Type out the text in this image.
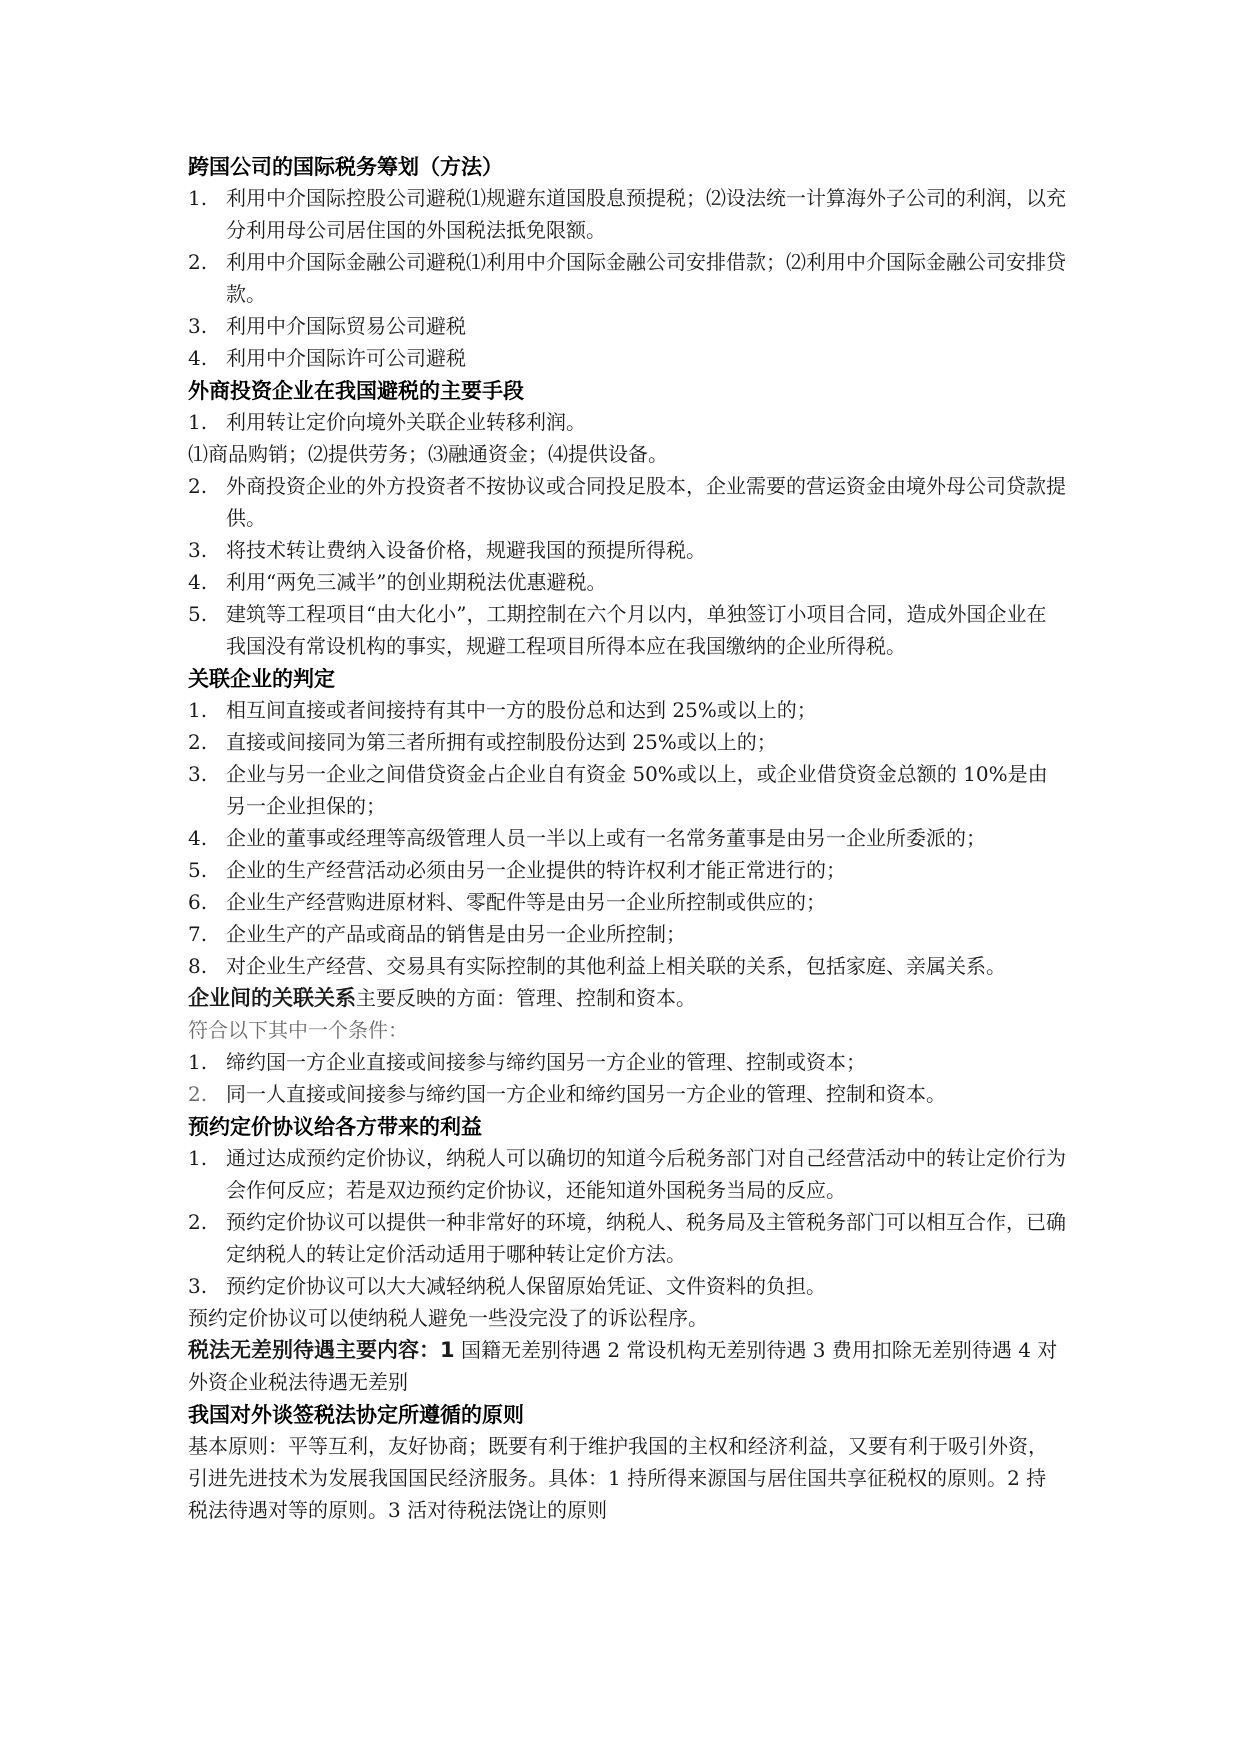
跨国公司的国际税务筹划（方法）
1. 利用中介国际控股公司避税⑴规避东道国股息预提税；⑵设法统一计算海外子公司的利润，以充分利用母公司居住国的外国税法抵免限额。
2. 利用中介国际金融公司避税⑴利用中介国际金融公司安排借款；⑵利用中介国际金融公司安排贷款。
3. 利用中介国际贸易公司避税
4. 利用中介国际许可公司避税
外商投资企业在我国避税的主要手段
1. 利用转让定价向境外关联企业转移利润。
⑴商品购销；⑵提供劳务；⑶融通资金；⑷提供设备。
2. 外商投资企业的外方投资者不按协议或合同投足股本，企业需要的营运资金由境外母公司贷款提供。
3. 将技术转让费纳入设备价格，规避我国的预提所得税。
4. 利用“两免三减半”的创业期税法优惠避税。
5. 建筑等工程项目“由大化小”，工期控制在六个月以内，单独签订小项目合同，造成外国企业在我国没有常设机构的事实，规避工程项目所得本应在我国缴纳的企业所得税。
关联企业的判定
1. 相互间直接或者间接持有其中一方的股份总和达到 25%或以上的；
2. 直接或间接同为第三者所拥有或控制股份达到 25%或以上的；
3. 企业与另一企业之间借贷资金占企业自有资金 50%或以上，或企业借贷资金总额的 10%是由另一企业担保的；
4. 企业的董事或经理等高级管理人员一半以上或有一名常务董事是由另一企业所委派的；
5. 企业的生产经营活动必须由另一企业提供的特许权利才能正常进行的；
6. 企业生产经营购进原材料、零配件等是由另一企业所控制或供应的；
7. 企业生产的产品或商品的销售是由另一企业所控制；
8. 对企业生产经营、交易具有实际控制的其他利益上相关联的关系，包括家庭、亲属关系。
企业间的关联关系主要反映的方面：管理、控制和资本。
符合以下其中一个条件：
1. 缔约国一方企业直接或间接参与缔约国另一方企业的管理、控制或资本；
2. 同一人直接或间接参与缔约国一方企业和缔约国另一方企业的管理、控制和资本。
预约定价协议给各方带来的利益
1. 通过达成预约定价协议，纳税人可以确切的知道今后税务部门对自己经营活动中的转让定价行为会作何反应；若是双边预约定价协议，还能知道外国税务当局的反应。
2. 预约定价协议可以提供一种非常好的环境，纳税人、税务局及主管税务部门可以相互合作，已确定纳税人的转让定价活动适用于哪种转让定价方法。
3. 预约定价协议可以大大减轻纳税人保留原始凭证、文件资料的负担。
预约定价协议可以使纳税人避免一些没完没了的诉讼程序。
税法无差别待遇主要内容：1 国籍无差别待遇 2 常设机构无差别待遇 3 费用扣除无差别待遇 4 对外资企业税法待遇无差别
我国对外谈签税法协定所遵循的原则
基本原则：平等互利，友好协商；既要有利于维护我国的主权和经济利益，又要有利于吸引外资，引进先进技术为发展我国国民经济服务。具体：1 持所得来源国与居住国共享征税权的原则。2 持税法待遇对等的原则。3 活对待税法饶让的原则
